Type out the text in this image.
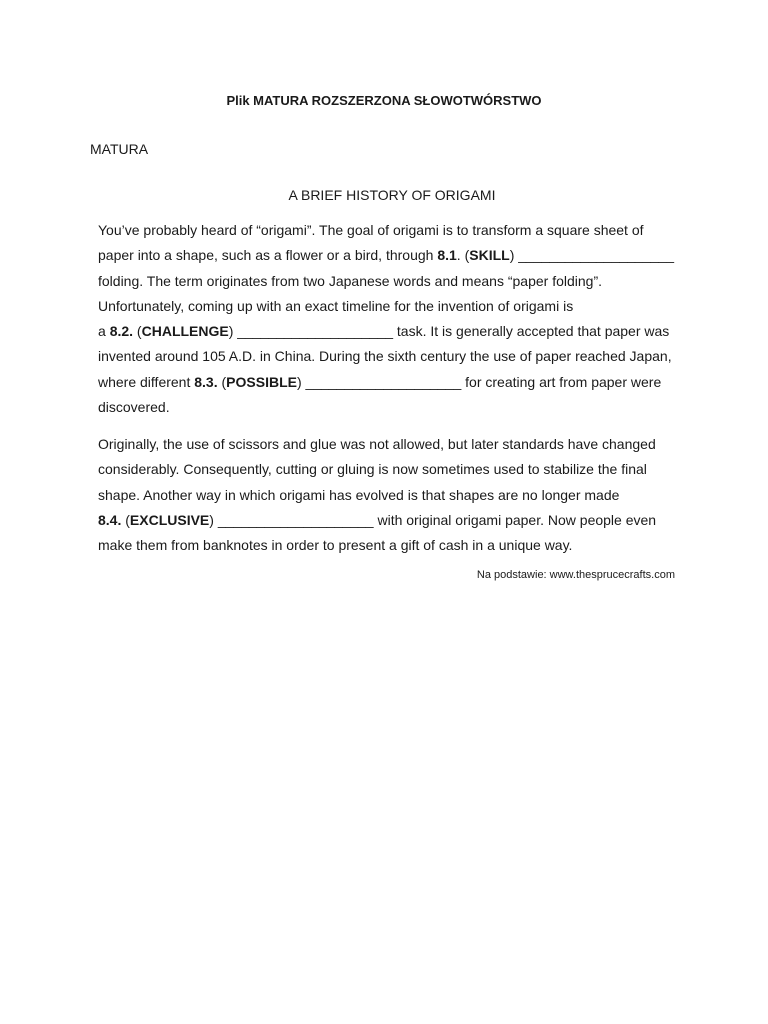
Plik MATURA ROZSZERZONA SŁOWOTWÓRSTWO
MATURA
A BRIEF HISTORY OF ORIGAMI
You’ve probably heard of “origami”. The goal of origami is to transform a square sheet of
paper into a shape, such as a flower or a bird, through 8.1. (SKILL) ____________________
folding. The term originates from two Japanese words and means “paper folding”.
Unfortunately, coming up with an exact timeline for the invention of origami is
a 8.2. (CHALLENGE) ____________________ task. It is generally accepted that paper was
invented around 105 A.D. in China. During the sixth century the use of paper reached Japan,
where different 8.3. (POSSIBLE) ____________________ for creating art from paper were
discovered.
Originally, the use of scissors and glue was not allowed, but later standards have changed
considerably. Consequently, cutting or gluing is now sometimes used to stabilize the final
shape. Another way in which origami has evolved is that shapes are no longer made
8.4. (EXCLUSIVE) ____________________ with original origami paper. Now people even
make them from banknotes in order to present a gift of cash in a unique way.
Na podstawie: www.thesprucecrafts.com
